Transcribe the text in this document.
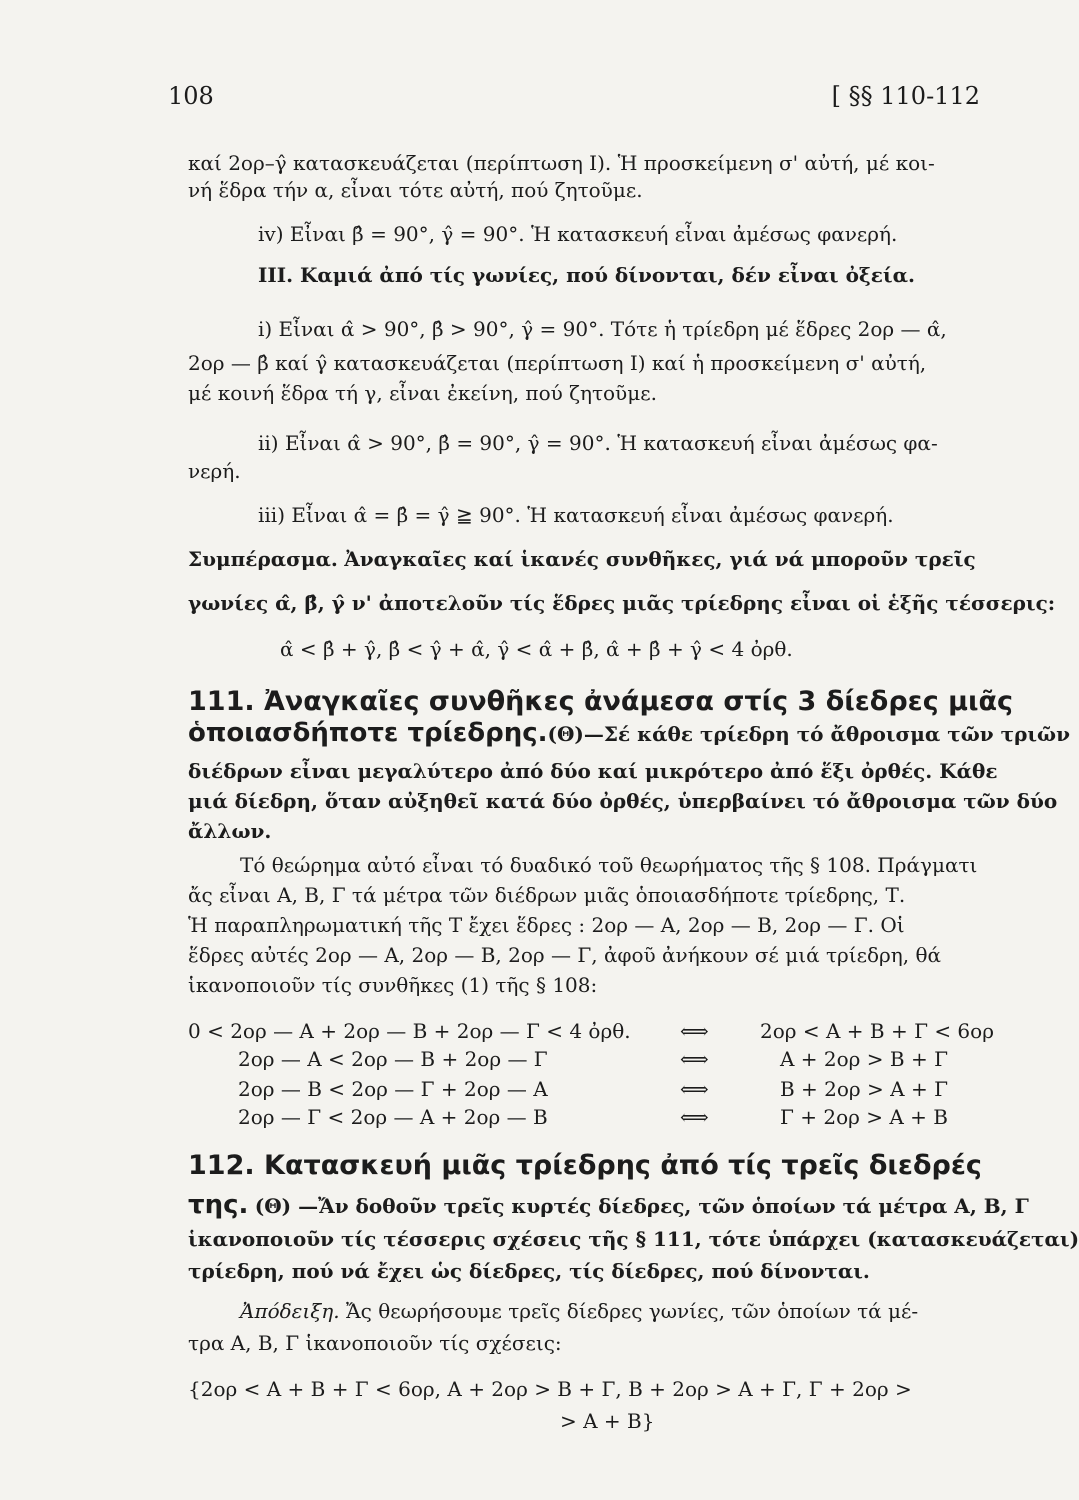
108	[ §§ 110-112
καί 2ορ–γ̂ κατασκευάζεται (περίπτωση I). Ἡ προσκείμενη σ' αὐτή, μέ κοι-
νή ἕδρα τήν α, εἶναι τότε αὐτή, πού ζητοῦμε.
iv) Εἶναι β̂ = 90°, γ̂ = 90°. Ἡ κατασκευή εἶναι ἀμέσως φανερή.
III. Καμιά ἀπό τίς γωνίες, πού δίνονται, δέν εἶναι ὀξεία.
i) Εἶναι α̂ > 90°, β̂ > 90°, γ̂ = 90°. Τότε ἡ τρίεδρη μέ ἕδρες 2ορ — α̂,
2ορ — β̂ καί γ̂ κατασκευάζεται (περίπτωση I) καί ἡ προσκείμενη σ' αὐτή,
μέ κοινή ἕδρα τή γ, εἶναι ἐκείνη, πού ζητοῦμε.
ii) Εἶναι α̂ > 90°, β̂ = 90°, γ̂ = 90°. Ἡ κατασκευή εἶναι ἀμέσως φα-
νερή.
iii) Εἶναι α̂ = β̂ = γ̂ ≧ 90°. Ἡ κατασκευή εἶναι ἀμέσως φανερή.
Συμπέρασμα. Ἀναγκαῖες καί ἱκανές συνθῆκες, γιά νά μποροῦν τρεῖς
γωνίες α̂, β̂, γ̂ ν' ἀποτελοῦν τίς ἕδρες μιᾶς τρίεδρης εἶναι οἱ ἑξῆς τέσσερις:
α̂ < β̂ + γ̂, β̂ < γ̂ + α̂, γ̂ < α̂ + β̂, α̂ + β̂ + γ̂ < 4 ὀρθ.
111. Ἀναγκαῖες συνθῆκες ἀνάμεσα στίς 3 δίεδρες μιᾶς
ὁποιασδήποτε τρίεδρης.(Θ)—Σέ κάθε τρίεδρη τό ἄθροισμα τῶν τριῶν
διέδρων εἶναι μεγαλύτερο ἀπό δύο καί μικρότερο ἀπό ἕξι ὀρθές. Κάθε
μιά δίεδρη, ὅταν αὐξηθεῖ κατά δύο ὀρθές, ὑπερβαίνει τό ἄθροισμα τῶν δύο
ἄλλων.
Τό θεώρημα αὐτό εἶναι τό δυαδικό τοῦ θεωρήματος τῆς § 108. Πράγματι
ἄς εἶναι Α, Β, Γ τά μέτρα τῶν διέδρων μιᾶς ὁποιασδήποτε τρίεδρης, Τ.
Ἡ παραπληρωματική τῆς Τ ἔχει ἕδρες : 2ορ — Α, 2ορ — Β, 2ορ — Γ. Οἱ
ἕδρες αὐτές 2ορ — Α, 2ορ — Β, 2ορ — Γ, ἀφοῦ ἀνήκουν σέ μιά τρίεδρη, θά
ἱκανοποιοῦν τίς συνθῆκες (1) τῆς § 108:
0 < 2ορ — Α + 2ορ — Β + 2ορ — Γ < 4 ὀρθ. ⟺	2ορ < Α + Β + Γ < 6ορ
2ορ — Α < 2ορ — Β + 2ορ — Γ	⟺	Α + 2ορ > Β + Γ
2ορ — Β < 2ορ — Γ + 2ορ — Α	⟺	Β + 2ορ > Α + Γ
2ορ — Γ < 2ορ — Α + 2ορ — Β	⟺	Γ + 2ορ > Α + Β
112. Κατασκευή μιᾶς τρίεδρης ἀπό τίς τρεῖς διεδρές
της. (Θ) —Ἄν δοθοῦν τρεῖς κυρτές δίεδρες, τῶν ὁποίων τά μέτρα Α, Β, Γ
ἱκανοποιοῦν τίς τέσσερις σχέσεις τῆς § 111, τότε ὑπάρχει (κατασκευάζεται)
τρίεδρη, πού νά ἔχει ὡς δίεδρες, τίς δίεδρες, πού δίνονται.
Ἀπόδειξη. Ἄς θεωρήσουμε τρεῖς δίεδρες γωνίες, τῶν ὁποίων τά μέ-
τρα Α, Β, Γ ἱκανοποιοῦν τίς σχέσεις:
{2ορ < Α + Β + Γ < 6ορ, Α + 2ορ > Β + Γ, Β + 2ορ > Α + Γ, Γ + 2ορ >
> Α + Β}
